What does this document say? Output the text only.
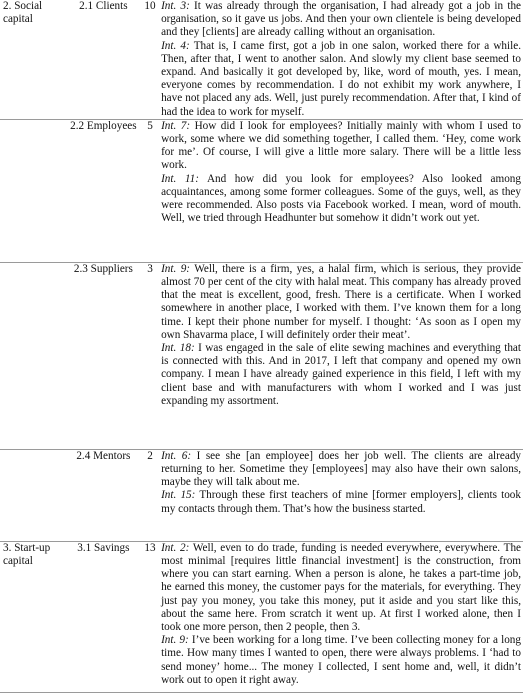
2. Social capital	2.1 Clients	10	Int. 3: It was already through the organisation, I had already got a job in the organisation, so it gave us jobs. And then your own clientele is being developed and they [clients] are already calling without an organisation.
Int. 4: That is, I came first, got a job in one salon, worked there for a while. Then, after that, I went to another salon. And slowly my client base seemed to expand. And basically it got developed by, like, word of mouth, yes. I mean, everyone comes by recommendation. I do not exhibit my work anywhere, I have not placed any ads. Well, just purely recommendation. After that, I kind of had the idea to work for myself.

	2.2 Employees	5	Int. 7: How did I look for employees? Initially mainly with whom I used to work, some where we did something together, I called them. ‘Hey, come work for me’. Of course, I will give a little more salary. There will be a little less work.
Int. 11: And how did you look for employees? Also looked among acquaintances, among some former colleagues. Some of the guys, well, as they were recommended. Also posts via Facebook worked. I mean, word of mouth. Well, we tried through Headhunter but somehow it didn’t work out yet.

	2.3 Suppliers	3	Int. 9: Well, there is a firm, yes, a halal firm, which is serious, they provide almost 70 per cent of the city with halal meat. This company has already proved that the meat is excellent, good, fresh. There is a certificate. When I worked somewhere in another place, I worked with them. I’ve known them for a long time. I kept their phone number for myself. I thought: ‘As soon as I open my own Shavarma place, I will definitely order their meat’.
Int. 18: I was engaged in the sale of elite sewing machines and everything that is connected with this. And in 2017, I left that company and opened my own company. I mean I have already gained experience in this field, I left with my client base and with manufacturers with whom I worked and I was just expanding my assortment.

	2.4 Mentors	2	Int. 6: I see she [an employee] does her job well. The clients are already returning to her. Sometime they [employees] may also have their own salons, maybe they will talk about me.
Int. 15: Through these first teachers of mine [former employers], clients took my contacts through them. That’s how the business started.

3. Start-up capital	3.1 Savings	13	Int. 2: Well, even to do trade, funding is needed everywhere, everywhere. The most minimal [requires little financial investment] is the construction, from where you can start earning. When a person is alone, he takes a part-time job, he earned this money, the customer pays for the materials, for everything. They just pay you money, you take this money, put it aside and you start like this, about the same here. From scratch it went up. At first I worked alone, then I took one more person, then 2 people, then 3.
Int. 9: I’ve been working for a long time. I’ve been collecting money for a long time. How many times I wanted to open, there were always problems. I ‘had to send money’ home... The money I collected, I sent home and, well, it didn’t work out to open it right away.
